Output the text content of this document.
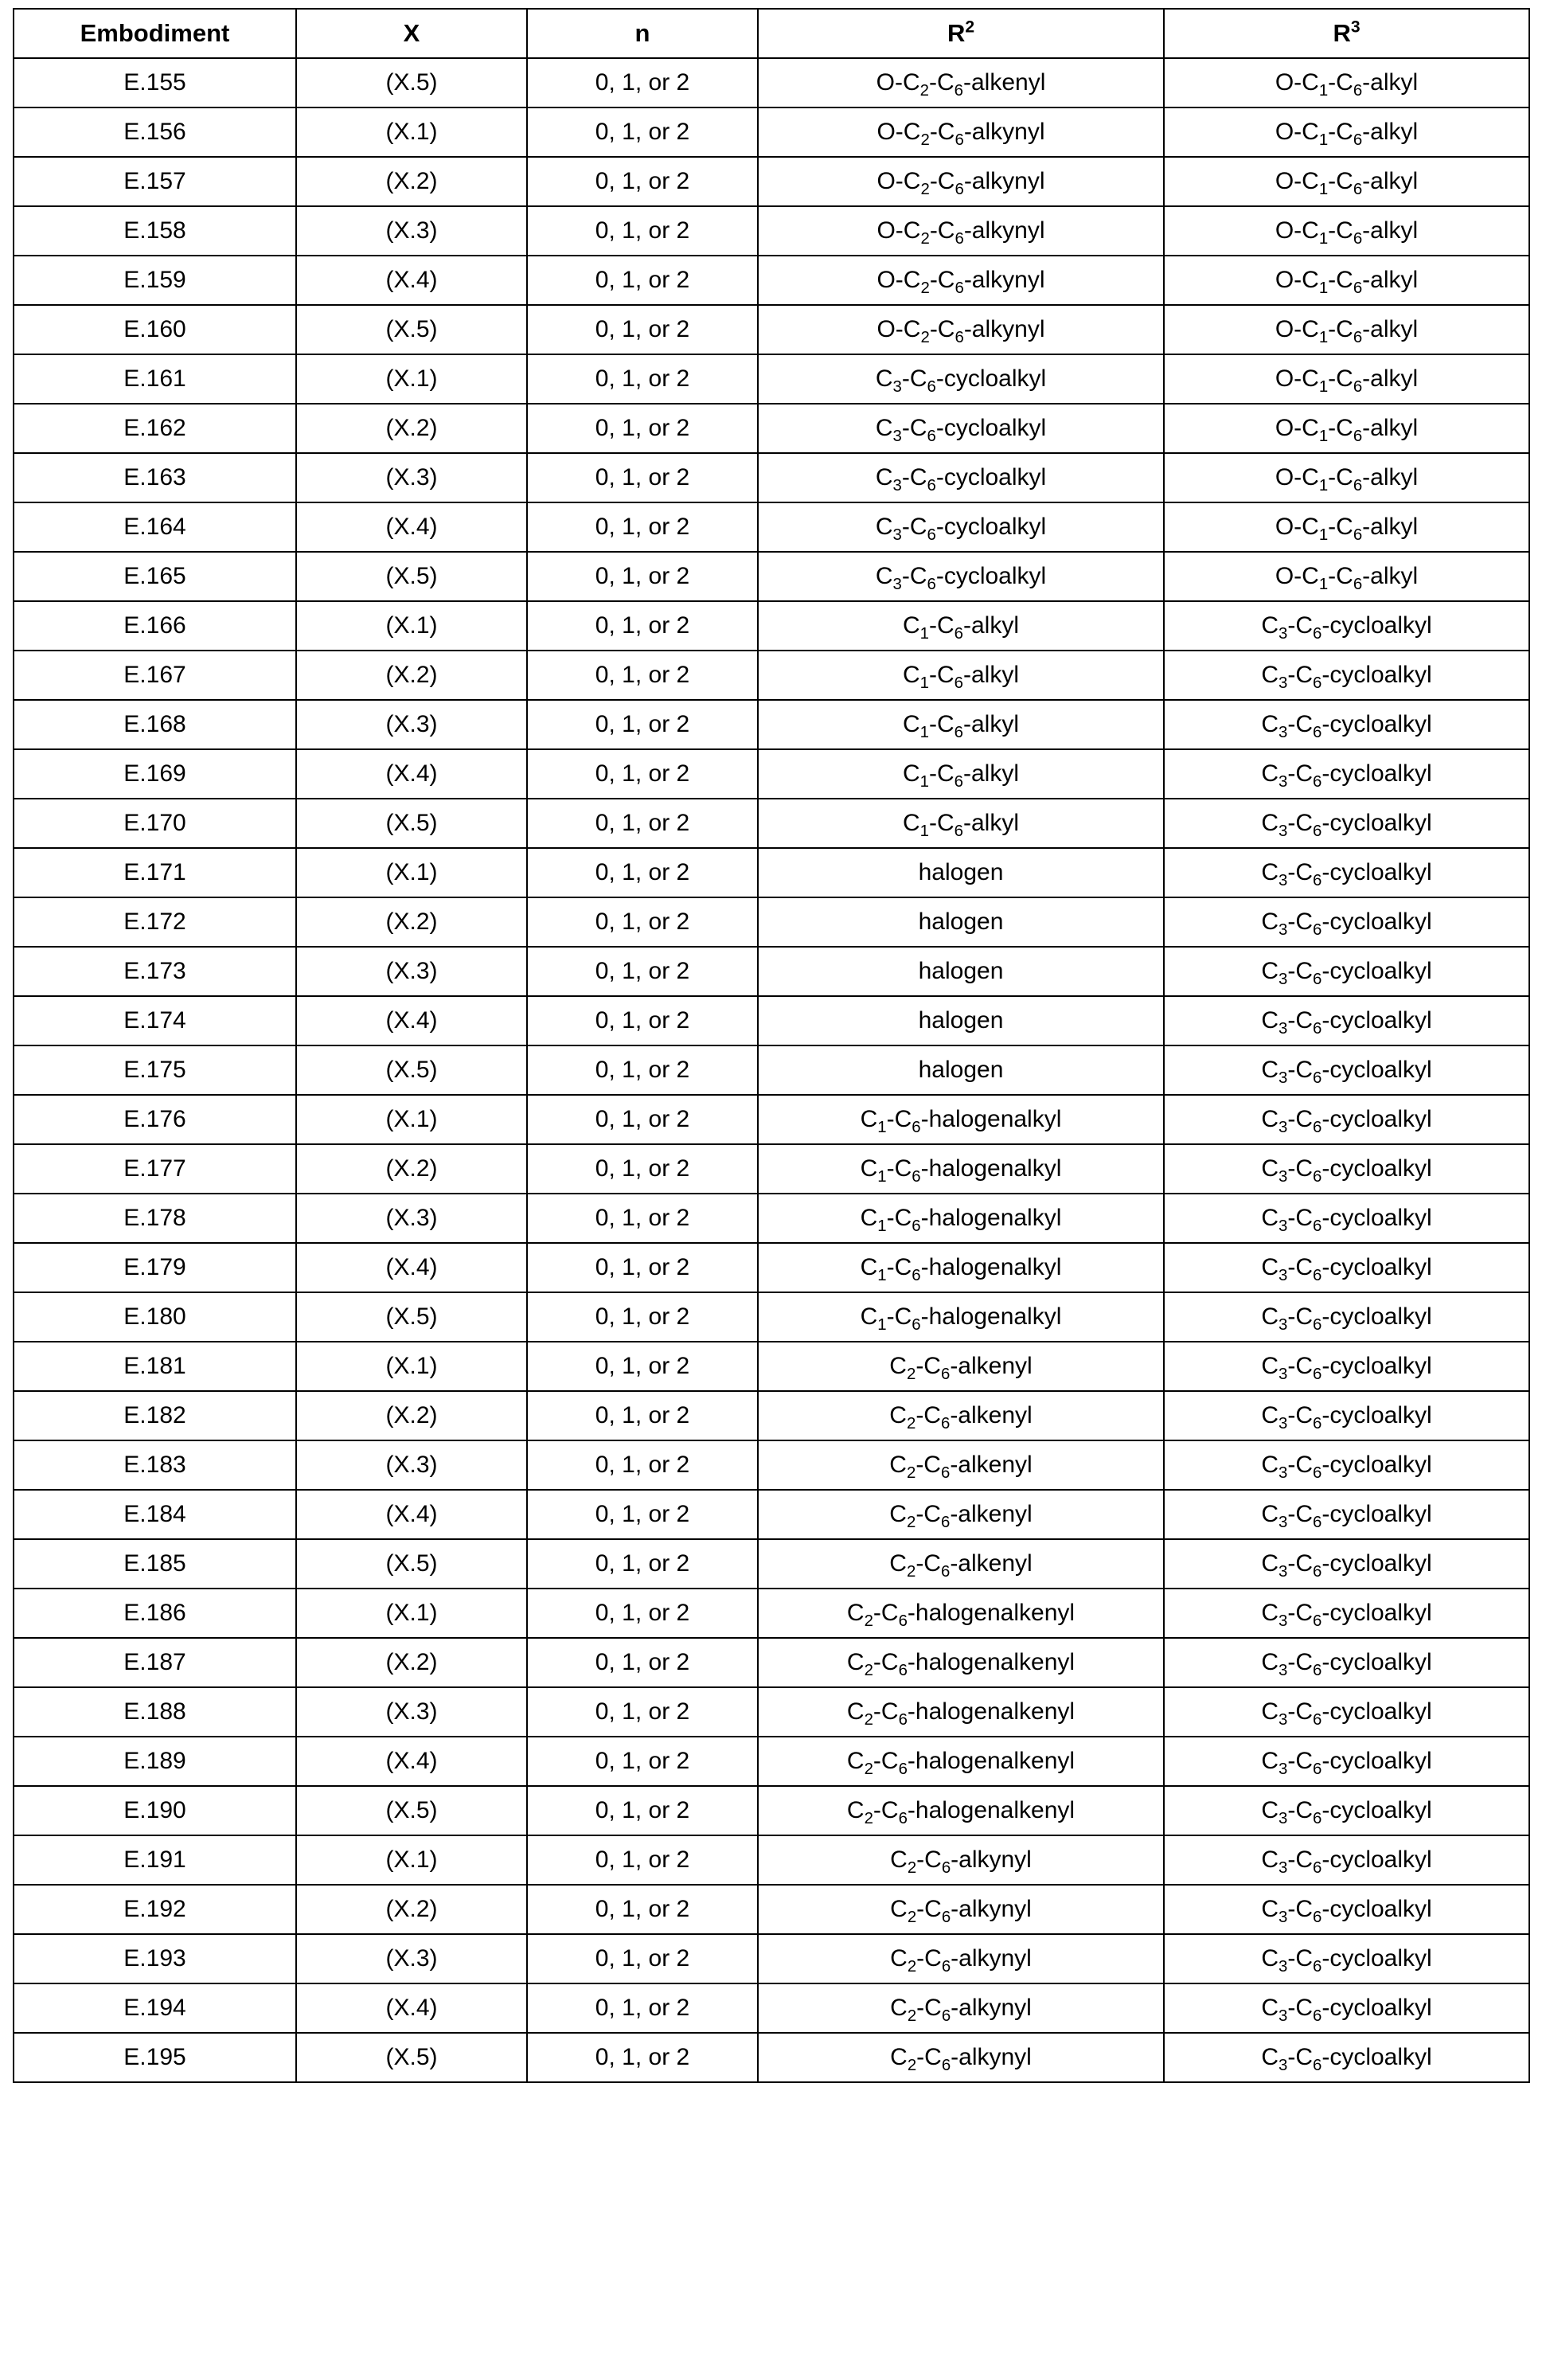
Embodiment	X	n	$R^2$	$R^3$
E.155	(X.5)	0, 1, or 2	$O-C_2-C_6$-alkenyl	$O-C_1-C_6$-alkyl
E.156	(X.1)	0, 1, or 2	$O-C_2-C_6$-alkynyl	$O-C_1-C_6$-alkyl
E.157	(X.2)	0, 1, or 2	$O-C_2-C_6$-alkynyl	$O-C_1-C_6$-alkyl
E.158	(X.3)	0, 1, or 2	$O-C_2-C_6$-alkynyl	$O-C_1-C_6$-alkyl
E.159	(X.4)	0, 1, or 2	$O-C_2-C_6$-alkynyl	$O-C_1-C_6$-alkyl
E.160	(X.5)	0, 1, or 2	$O-C_2-C_6$-alkynyl	$O-C_1-C_6$-alkyl
E.161	(X.1)	0, 1, or 2	$C_3-C_6$-cycloalkyl	$O-C_1-C_6$-alkyl
E.162	(X.2)	0, 1, or 2	$C_3-C_6$-cycloalkyl	$O-C_1-C_6$-alkyl
E.163	(X.3)	0, 1, or 2	$C_3-C_6$-cycloalkyl	$O-C_1-C_6$-alkyl
E.164	(X.4)	0, 1, or 2	$C_3-C_6$-cycloalkyl	$O-C_1-C_6$-alkyl
E.165	(X.5)	0, 1, or 2	$C_3-C_6$-cycloalkyl	$O-C_1-C_6$-alkyl
E.166	(X.1)	0, 1, or 2	$C_1-C_6$-alkyl	$C_3-C_6$-cycloalkyl
E.167	(X.2)	0, 1, or 2	$C_1-C_6$-alkyl	$C_3-C_6$-cycloalkyl
E.168	(X.3)	0, 1, or 2	$C_1-C_6$-alkyl	$C_3-C_6$-cycloalkyl
E.169	(X.4)	0, 1, or 2	$C_1-C_6$-alkyl	$C_3-C_6$-cycloalkyl
E.170	(X.5)	0, 1, or 2	$C_1-C_6$-alkyl	$C_3-C_6$-cycloalkyl
E.171	(X.1)	0, 1, or 2	halogen	$C_3-C_6$-cycloalkyl
E.172	(X.2)	0, 1, or 2	halogen	$C_3-C_6$-cycloalkyl
E.173	(X.3)	0, 1, or 2	halogen	$C_3-C_6$-cycloalkyl
E.174	(X.4)	0, 1, or 2	halogen	$C_3-C_6$-cycloalkyl
E.175	(X.5)	0, 1, or 2	halogen	$C_3-C_6$-cycloalkyl
E.176	(X.1)	0, 1, or 2	$C_1-C_6$-halogenalkyl	$C_3-C_6$-cycloalkyl
E.177	(X.2)	0, 1, or 2	$C_1-C_6$-halogenalkyl	$C_3-C_6$-cycloalkyl
E.178	(X.3)	0, 1, or 2	$C_1-C_6$-halogenalkyl	$C_3-C_6$-cycloalkyl
E.179	(X.4)	0, 1, or 2	$C_1-C_6$-halogenalkyl	$C_3-C_6$-cycloalkyl
E.180	(X.5)	0, 1, or 2	$C_1-C_6$-halogenalkyl	$C_3-C_6$-cycloalkyl
E.181	(X.1)	0, 1, or 2	$C_2-C_6$-alkenyl	$C_3-C_6$-cycloalkyl
E.182	(X.2)	0, 1, or 2	$C_2-C_6$-alkenyl	$C_3-C_6$-cycloalkyl
E.183	(X.3)	0, 1, or 2	$C_2-C_6$-alkenyl	$C_3-C_6$-cycloalkyl
E.184	(X.4)	0, 1, or 2	$C_2-C_6$-alkenyl	$C_3-C_6$-cycloalkyl
E.185	(X.5)	0, 1, or 2	$C_2-C_6$-alkenyl	$C_3-C_6$-cycloalkyl
E.186	(X.1)	0, 1, or 2	$C_2-C_6$-halogenalkenyl	$C_3-C_6$-cycloalkyl
E.187	(X.2)	0, 1, or 2	$C_2-C_6$-halogenalkenyl	$C_3-C_6$-cycloalkyl
E.188	(X.3)	0, 1, or 2	$C_2-C_6$-halogenalkenyl	$C_3-C_6$-cycloalkyl
E.189	(X.4)	0, 1, or 2	$C_2-C_6$-halogenalkenyl	$C_3-C_6$-cycloalkyl
E.190	(X.5)	0, 1, or 2	$C_2-C_6$-halogenalkenyl	$C_3-C_6$-cycloalkyl
E.191	(X.1)	0, 1, or 2	$C_2-C_6$-alkynyl	$C_3-C_6$-cycloalkyl
E.192	(X.2)	0, 1, or 2	$C_2-C_6$-alkynyl	$C_3-C_6$-cycloalkyl
E.193	(X.3)	0, 1, or 2	$C_2-C_6$-alkynyl	$C_3-C_6$-cycloalkyl
E.194	(X.4)	0, 1, or 2	$C_2-C_6$-alkynyl	$C_3-C_6$-cycloalkyl
E.195	(X.5)	0, 1, or 2	$C_2-C_6$-alkynyl	$C_3-C_6$-cycloalkyl
